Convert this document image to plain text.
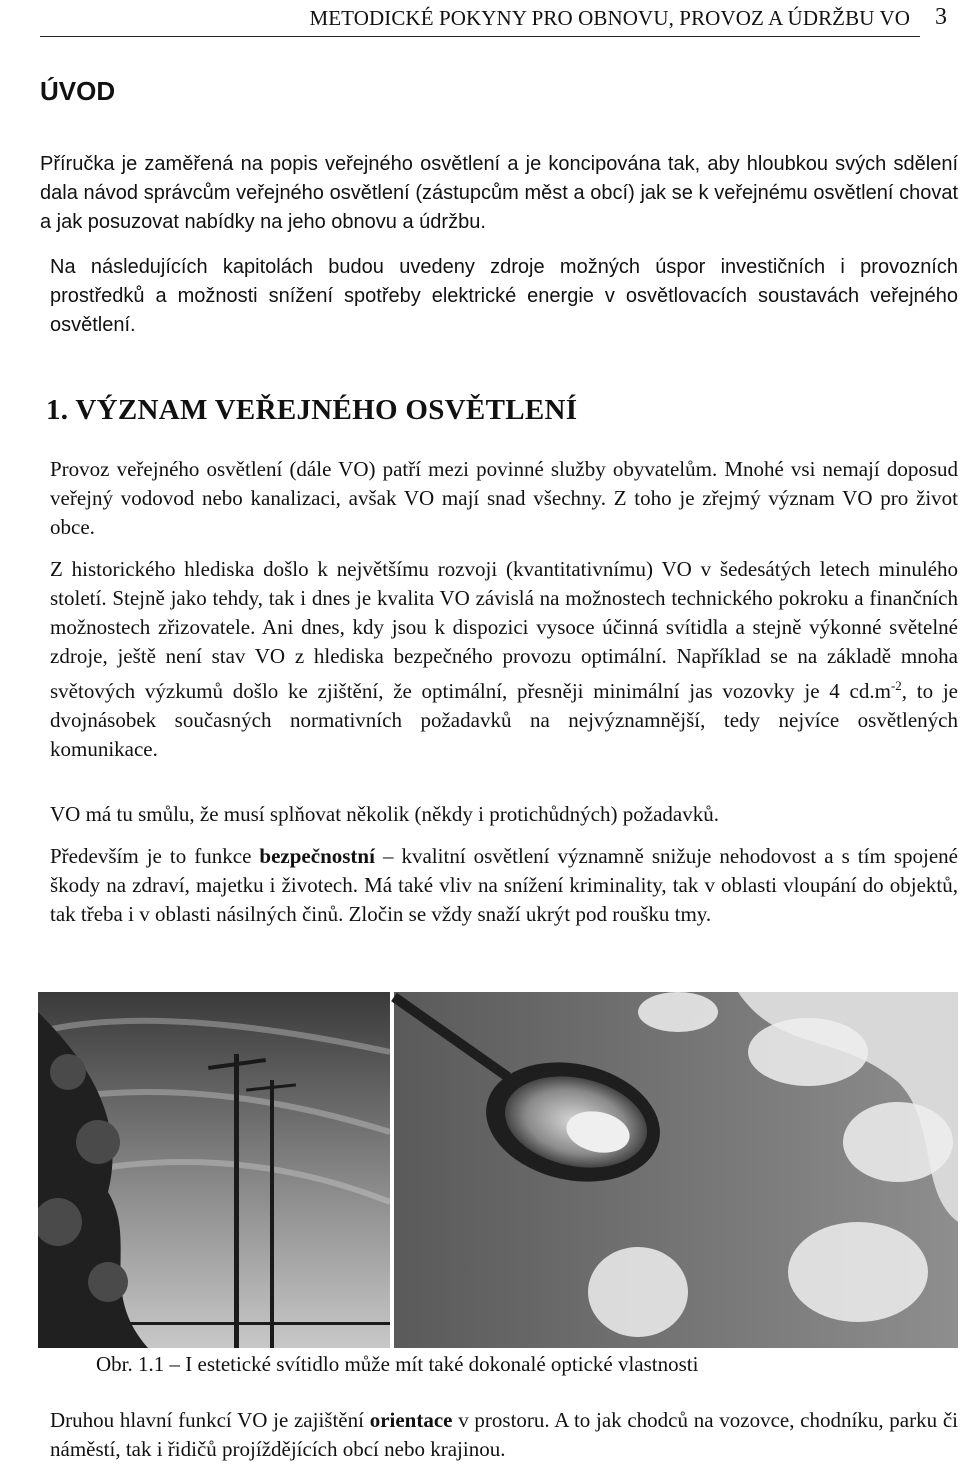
METODICKÉ POKYNY PRO OBNOVU, PROVOZ A ÚDRŽBU VO 3
ÚVOD

Příručka je zaměřená na popis veřejného osvětlení a je koncipována tak, aby hloubkou svých sdělení dala návod správcům veřejného osvětlení (zástupcům měst a obcí) jak se k veřejnému osvětlení chovat a jak posuzovat nabídky na jeho obnovu a údržbu.

Na následujících kapitolách budou uvedeny zdroje možných úspor investičních i provozních prostředků a možnosti snížení spotřeby elektrické energie v osvětlovacích soustavách veřejného osvětlení.

1. VÝZNAM VEŘEJNÉHO OSVĚTLENÍ

Provoz veřejného osvětlení (dále VO) patří mezi povinné služby obyvatelům. Mnohé vsi nemají doposud veřejný vodovod nebo kanalizaci, avšak VO mají snad všechny. Z toho je zřejmý význam VO pro život obce.

Z historického hlediska došlo k největšímu rozvoji (kvantitativnímu) VO v šedesátých letech minulého století. Stejně jako tehdy, tak i dnes je kvalita VO závislá na možnostech technického pokroku a finančních možnostech zřizovatele. Ani dnes, kdy jsou k dispozici vysoce účinná svítidla a stejně výkonné světelné zdroje, ještě není stav VO z hlediska bezpečného provozu optimální. Například se na základě mnoha světových výzkumů došlo ke zjištění, že optimální, přesněji minimální jas vozovky je 4 $cd.m^{-2}$, to je dvojnásobek současných normativních požadavků na nejvýznamnější, tedy nejvíce osvětlených komunikace.

VO má tu smůlu, že musí splňovat několik (někdy i protichůdných) požadavků.

Především je to funkce bezpečnostní – kvalitní osvětlení významně snižuje nehodovost a s tím spojené škody na zdraví, majetku i životech. Má také vliv na snížení kriminality, tak v oblasti vloupání do objektů, tak třeba i v oblasti násilných činů. Zločin se vždy snaží ukrýt pod roušku tmy.

Obr. 1.1 – I estetické svítidlo může mít také dokonalé optické vlastnosti

Druhou hlavní funkcí VO je zajištění orientace v prostoru. A to jak chodců na vozovce, chodníku, parku či náměstí, tak i řidičů projíždějících obcí nebo krajinou.
